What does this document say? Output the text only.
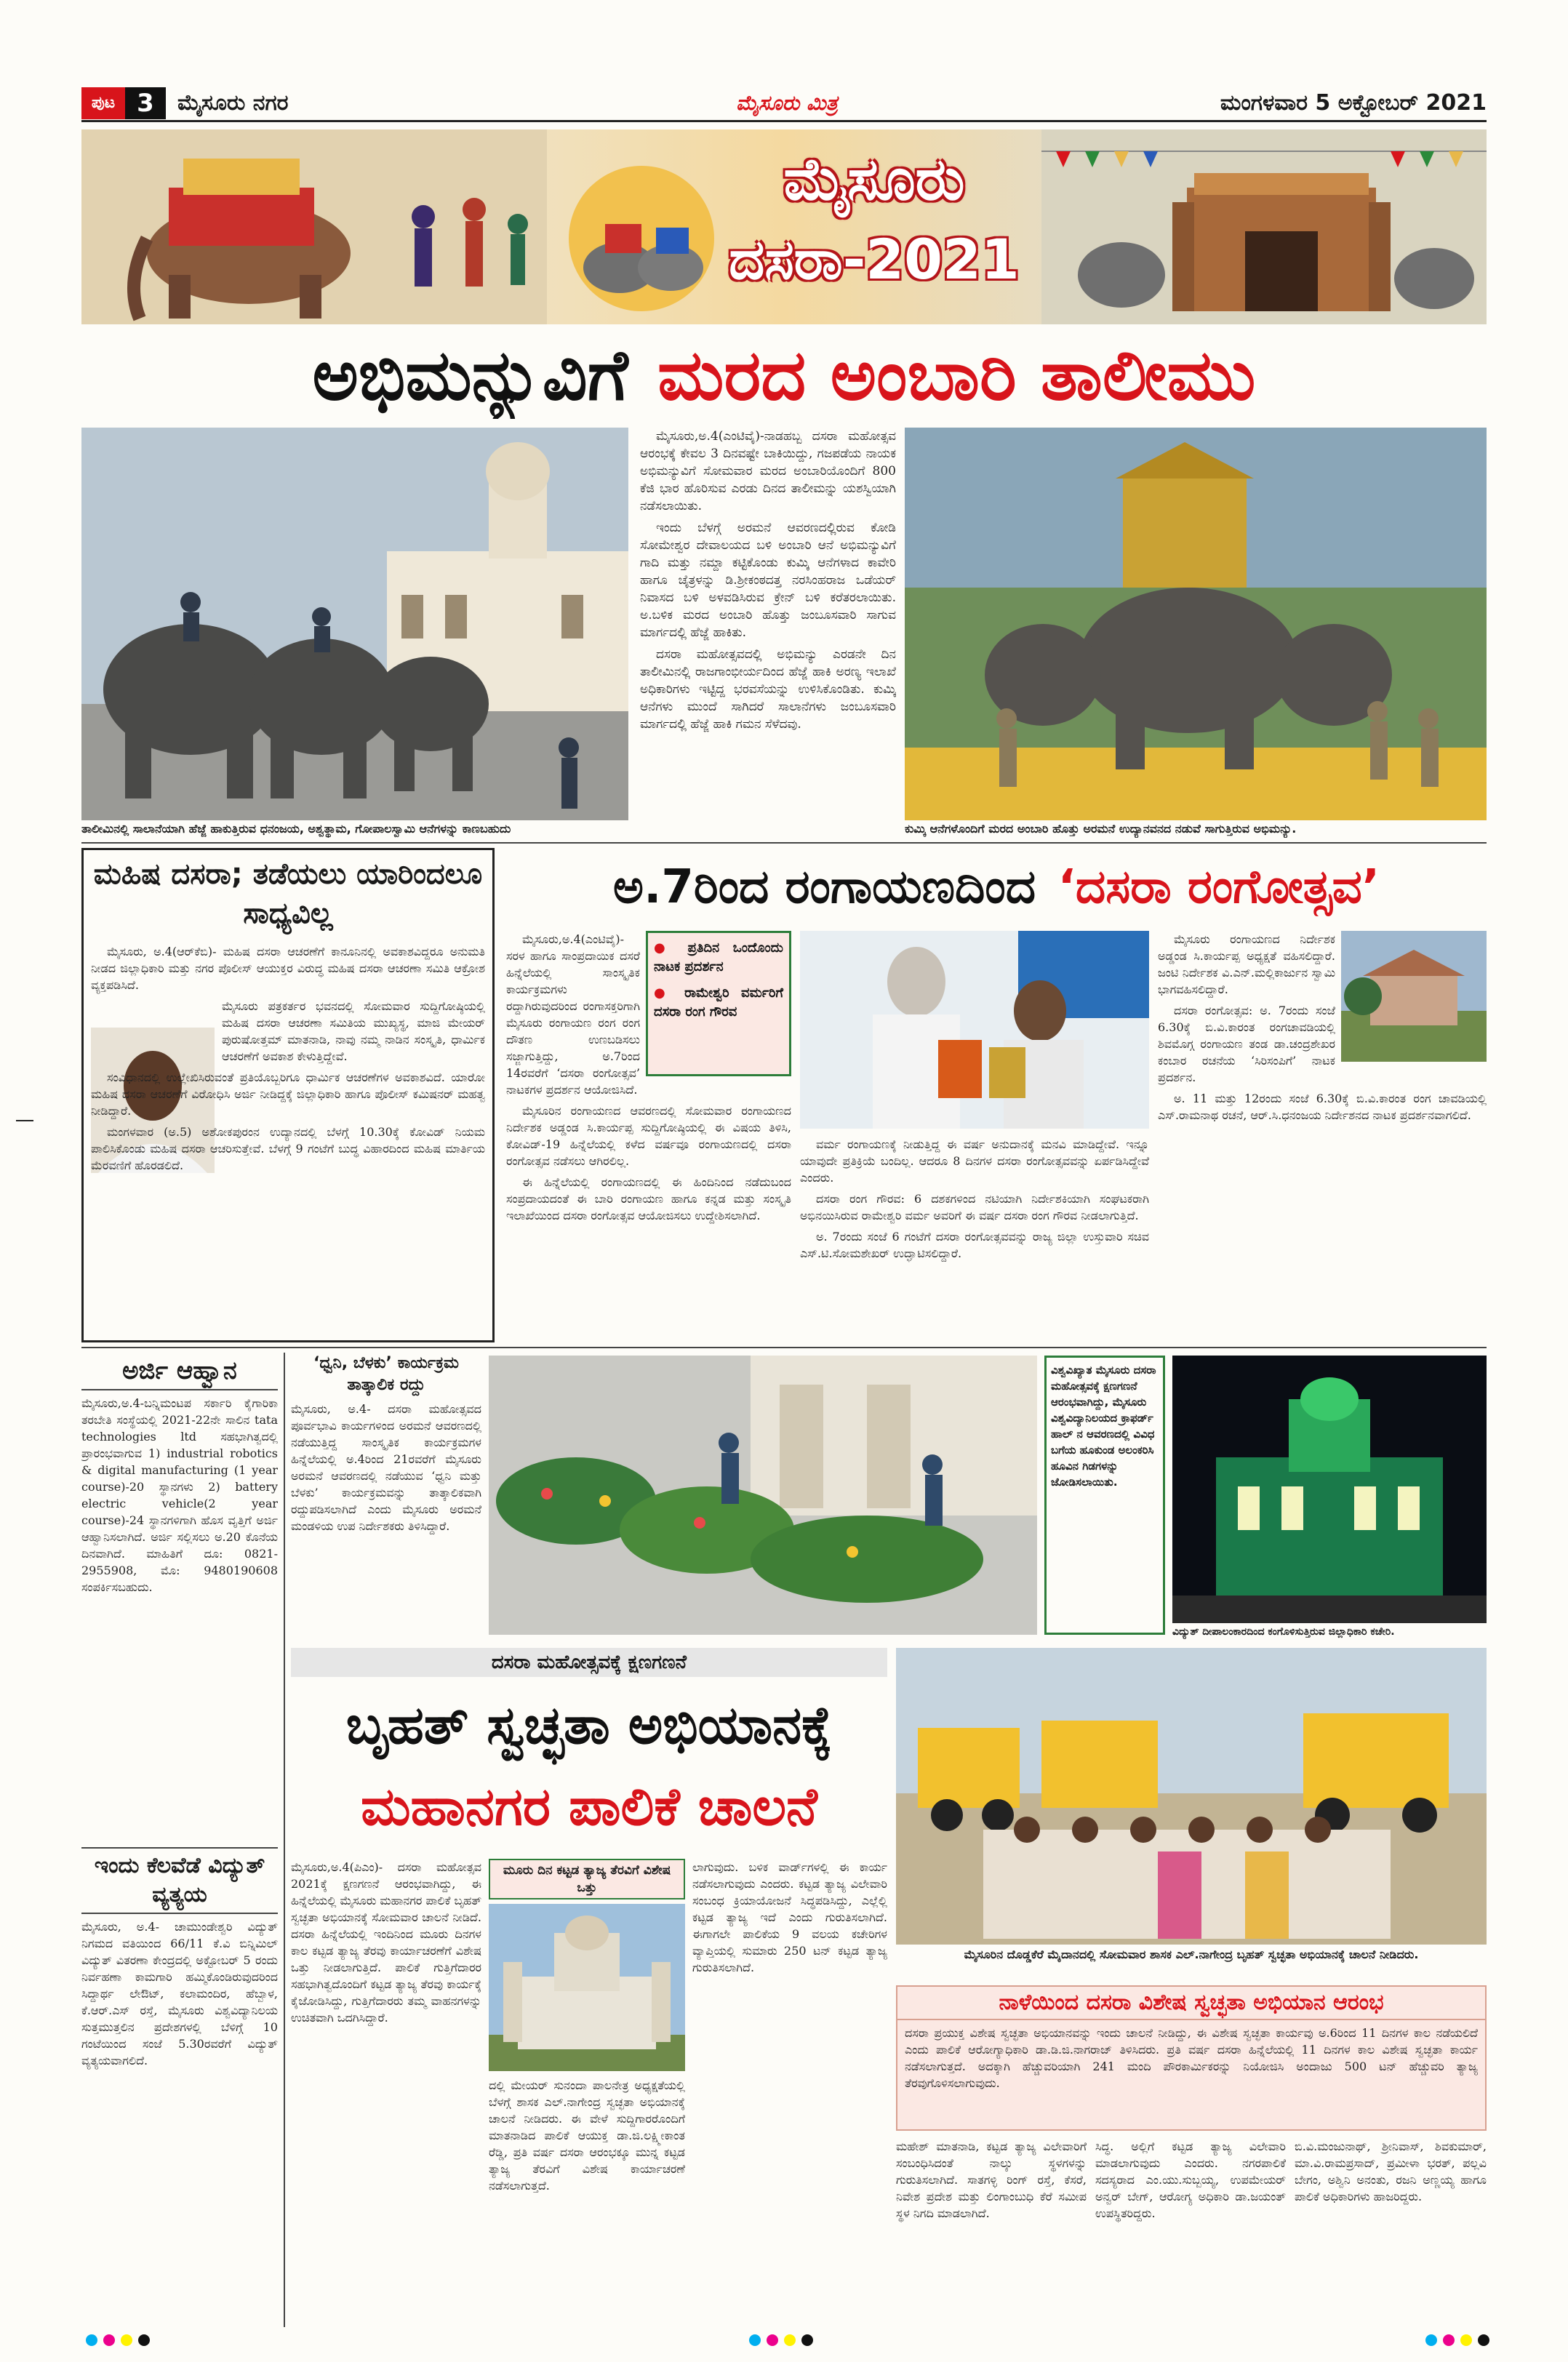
ಪುಟ 3	ಮೈಸೂರು ನಗರ	ಮೈಸೂರು ಮಿತ್ರ	ಮಂಗಳವಾರ 5 ಅಕ್ಟೋಬರ್ 2021
ಮೈಸೂರು
ದಸರಾ-2021
ಅಭಿಮನ್ಯುವಿಗೆ ಮರದ ಅಂಬಾರಿ ತಾಲೀಮು
ತಾಲೀಮಿನಲ್ಲಿ ಸಾಲಾನೆಯಾಗಿ ಹೆಜ್ಜೆ ಹಾಕುತ್ತಿರುವ ಧನಂಜಯ, ಅಶ್ವತ್ಥಾಮ, ಗೋಪಾಲಸ್ವಾಮಿ ಆನೆಗಳನ್ನು ಕಾಣಬಹುದು

ಮೈಸೂರು,ಅ.4(ಎಂಟಿವೈ)-ನಾಡಹಬ್ಬ ದಸರಾ ಮಹೋತ್ಸವ ಆರಂಭಕ್ಕೆ ಕೇವಲ 3 ದಿನವಷ್ಟೇ ಬಾಕಿಯಿದ್ದು, ಗಜಪಡೆಯ ನಾಯಕ ಅಭಿಮನ್ಯುವಿಗೆ ಸೋಮವಾರ ಮರದ ಅಂಬಾರಿಯೊಂದಿಗೆ 800 ಕೆಜಿ ಭಾರ ಹೊರಿಸುವ ಎರಡು ದಿನದ ತಾಲೀಮನ್ನು ಯಶಸ್ವಿಯಾಗಿ ನಡೆಸಲಾಯಿತು.

ಇಂದು ಬೆಳಗ್ಗೆ ಅರಮನೆ ಆವರಣದಲ್ಲಿರುವ ಕೋಡಿ ಸೋಮೇಶ್ವರ ದೇವಾಲಯದ ಬಳಿ ಅಂಬಾರಿ ಆನೆ ಅಭಿಮನ್ಯುವಿಗೆ ಗಾದಿ ಮತ್ತು ನಮ್ದಾ ಕಟ್ಟಿಕೊಂಡು ಕುಮ್ಕಿ ಆನೆಗಳಾದ ಕಾವೇರಿ ಹಾಗೂ ಚೈತ್ರಳನ್ನು ಡಿ.ಶ್ರೀಕಂಠದತ್ತ ನರಸಿಂಹರಾಜ ಒಡೆಯರ್ ನಿವಾಸದ ಬಳಿ ಅಳವಡಿಸಿರುವ ಕ್ರೇನ್ ಬಳಿ ಕರೆತರಲಾಯಿತು. ಅ.ಬಳಿಕ ಮರದ ಅಂಬಾರಿ ಹೊತ್ತು ಜಂಬೂಸವಾರಿ ಸಾಗುವ ಮಾರ್ಗದಲ್ಲಿ ಹೆಜ್ಜೆ ಹಾಕಿತು.

ದಸರಾ ಮಹೋತ್ಸವದಲ್ಲಿ ಅಭಿಮನ್ಯು ಎರಡನೇ ದಿನ ತಾಲೀಮಿನಲ್ಲಿ ರಾಜಗಾಂಭೀರ್ಯದಿಂದ ಹೆಜ್ಜೆ ಹಾಕಿ ಅರಣ್ಯ ಇಲಾಖೆ ಅಧಿಕಾರಿಗಳು ಇಟ್ಟಿದ್ದ ಭರವಸೆಯನ್ನು ಉಳಿಸಿಕೊಂಡಿತು. ಕುಮ್ಕಿ ಆನೆಗಳು ಮುಂದೆ ಸಾಗಿದರೆ ಸಾಲಾನೆಗಳು ಜಂಬೂಸವಾರಿ ಮಾರ್ಗದಲ್ಲಿ ಹೆಜ್ಜೆ ಹಾಕಿ ಗಮನ ಸೆಳೆದವು.

ಕುಮ್ಕಿ ಆನೆಗಳೊಂದಿಗೆ ಮರದ ಅಂಬಾರಿ ಹೊತ್ತು ಅರಮನೆ ಉದ್ಯಾನವನದ ನಡುವೆ ಸಾಗುತ್ತಿರುವ ಅಭಿಮನ್ಯು.
ಮಹಿಷ ದಸರಾ; ತಡೆಯಲು ಯಾರಿಂದಲೂ ಸಾಧ್ಯವಿಲ್ಲ

ಮೈಸೂರು, ಅ.4(ಆರ್‌ಕೆಬಿ)- ಮಹಿಷ ದಸರಾ ಆಚರಣೆಗೆ ಕಾನೂನಿನಲ್ಲಿ ಅವಕಾಶವಿದ್ದರೂ ಅನುಮತಿ ನೀಡದ ಜಿಲ್ಲಾಧಿಕಾರಿ ಮತ್ತು ನಗರ ಪೊಲೀಸ್ ಆಯುಕ್ತರ ವಿರುದ್ಧ ಮಹಿಷ ದಸರಾ ಆಚರಣಾ ಸಮಿತಿ ಆಕ್ರೋಶ ವ್ಯಕ್ತಪಡಿಸಿದೆ.

ಮೈಸೂರು ಪತ್ರಕರ್ತರ ಭವನದಲ್ಲಿ ಸೋಮವಾರ ಸುದ್ದಿಗೋಷ್ಠಿಯಲ್ಲಿ ಮಹಿಷ ದಸರಾ ಆಚರಣಾ ಸಮಿತಿಯ ಮುಖ್ಯಸ್ಥ, ಮಾಜಿ ಮೇಯರ್ ಪುರುಷೋತ್ತಮ್ ಮಾತನಾಡಿ, ನಾವು ನಮ್ಮ ನಾಡಿನ ಸಂಸ್ಕೃತಿ, ಧಾರ್ಮಿಕ ಆಚರಣೆಗೆ ಅವಕಾಶ ಕೇಳುತ್ತಿದ್ದೇವೆ.

ಸಂವಿಧಾನದಲ್ಲಿ ಉಲ್ಲೇಖಿಸಿರುವಂತೆ ಪ್ರತಿಯೊಬ್ಬರಿಗೂ ಧಾರ್ಮಿಕ ಆಚರಣೆಗಳ ಅವಕಾಶವಿದೆ. ಯಾರೋ ಮಹಿಷ ದಸರಾ ಆಚರಣೆಗೆ ವಿರೋಧಿಸಿ ಅರ್ಜಿ ನೀಡಿದ್ದಕ್ಕೆ ಜಿಲ್ಲಾಧಿಕಾರಿ ಹಾಗೂ ಪೊಲೀಸ್ ಕಮಿಷನರ್ ಮಹತ್ವ ನೀಡಿದ್ದಾರೆ.

ಮಂಗಳವಾರ (ಅ.5) ಅಶೋಕಪುರಂನ ಉದ್ಯಾನದಲ್ಲಿ ಬೆಳಗ್ಗೆ 10.30ಕ್ಕೆ ಕೋವಿಡ್ ನಿಯಮ ಪಾಲಿಸಿಕೊಂಡು ಮಹಿಷ ದಸರಾ ಆಚರಿಸುತ್ತೇವೆ. ಬೆಳಗ್ಗೆ 9 ಗಂಟೆಗೆ ಬುದ್ಧ ವಿಹಾರದಿಂದ ಮಹಿಷ ಮಾರ್ತಿಯ ಮೆರವಣಿಗೆ ಹೊರಡಲಿದೆ.

ಅ.7ರಿಂದ ರಂಗಾಯಣದಿಂದ ‘ದಸರಾ ರಂಗೋತ್ಸವ’
● ಪ್ರತಿದಿನ ಒಂದೊಂದು ನಾಟಕ ಪ್ರದರ್ಶನ
● ರಾಮೇಶ್ವರಿ ವರ್ಮರಿಗೆ ದಸರಾ ರಂಗ ಗೌರವ

ಮೈಸೂರು,ಅ.4(ಎಂಟಿವೈ)- ಸರಳ ಹಾಗೂ ಸಾಂಪ್ರದಾಯಿಕ ದಸರೆ ಹಿನ್ನೆಲೆಯಲ್ಲಿ ಸಾಂಸ್ಕೃತಿಕ ಕಾರ್ಯಕ್ರಮಗಳು ರದ್ದಾಗಿರುವುದರಿಂದ ರಂಗಾಸಕ್ತರಿಗಾಗಿ ಮೈಸೂರು ರಂಗಾಯಣ ರಂಗ ರಂಗ ದೌತಣ ಉಣಬಡಿಸಲು ಸಜ್ಜಾಗುತ್ತಿದ್ದು, ಅ.7ರಿಂದ 14ರವರೆಗೆ ‘ದಸರಾ ರಂಗೋತ್ಸವ’ ನಾಟಕಗಳ ಪ್ರದರ್ಶನ ಆಯೋಜಿಸಿದೆ.

ಮೈಸೂರಿನ ರಂಗಾಯಣದ ಆವರಣದಲ್ಲಿ ಸೋಮವಾರ ರಂಗಾಯಣದ ನಿರ್ದೇಶಕ ಅಡ್ಡಂಡ ಸಿ.ಕಾರ್ಯಪ್ಪ ಸುದ್ದಿಗೋಷ್ಠಿಯಲ್ಲಿ ಈ ವಿಷಯ ತಿಳಿಸಿ, ಕೋವಿಡ್-19 ಹಿನ್ನೆಲೆಯಲ್ಲಿ ಕಳೆದ ವರ್ಷವೂ ರಂಗಾಯಣದಲ್ಲಿ ದಸರಾ ರಂಗೋತ್ಸವ ನಡೆಸಲು ಆಗಿರಲಿಲ್ಲ.

ಈ ಹಿನ್ನೆಲೆಯಲ್ಲಿ ರಂಗಾಯಣದಲ್ಲಿ ಈ ಹಿಂದಿನಿಂದ ನಡೆದುಬಂದ ಸಂಪ್ರದಾಯದಂತೆ ಈ ಬಾರಿ ರಂಗಾಯಣ ಹಾಗೂ ಕನ್ನಡ ಮತ್ತು ಸಂಸ್ಕೃತಿ ಇಲಾಖೆಯಿಂದ ದಸರಾ ರಂಗೋತ್ಸವ ಆಯೋಜಿಸಲು ಉದ್ದೇಶಿಸಲಾಗಿದೆ.

ವರ್ಮ ರಂಗಾಯಣಕ್ಕೆ ನೀಡುತ್ತಿದ್ದ ಈ ವರ್ಷ ಅನುದಾನಕ್ಕೆ ಮನವಿ ಮಾಡಿದ್ದೇವೆ. ಇನ್ನೂ ಯಾವುದೇ ಪ್ರತಿಕ್ರಿಯೆ ಬಂದಿಲ್ಲ. ಆದರೂ 8 ದಿನಗಳ ದಸರಾ ರಂಗೋತ್ಸವವನ್ನು ಏರ್ಪಡಿಸಿದ್ದೇವೆ ಎಂದರು.

ದಸರಾ ರಂಗ ಗೌರವ: 6 ದಶಕಗಳಿಂದ ನಟಿಯಾಗಿ ನಿರ್ದೇಶಕಿಯಾಗಿ ಸಂಘಟಕರಾಗಿ ಅಭಿನಯಿಸಿರುವ ರಾಮೇಶ್ವರಿ ವರ್ಮ ಅವರಿಗೆ ಈ ವರ್ಷ ದಸರಾ ರಂಗ ಗೌರವ ನೀಡಲಾಗುತ್ತಿದೆ.

ಅ. 7ರಂದು ಸಂಜೆ 6 ಗಂಟೆಗೆ ದಸರಾ ರಂಗೋತ್ಸವವನ್ನು ರಾಜ್ಯ ಜಿಲ್ಲಾ ಉಸ್ತುವಾರಿ ಸಚಿವ ಎಸ್.ಟಿ.ಸೋಮಶೇಖರ್ ಉದ್ಘಾಟಿಸಲಿದ್ದಾರೆ.

ಮೈಸೂರು ರಂಗಾಯಣದ ನಿರ್ದೇಶಕ ಅಡ್ಡಂಡ ಸಿ.ಕಾರ್ಯಪ್ಪ ಅಧ್ಯಕ್ಷತೆ ವಹಿಸಲಿದ್ದಾರೆ. ಜಂಟಿ ನಿರ್ದೇಶಕ ವಿ.ಎನ್.ಮಲ್ಲಿಕಾರ್ಜುನ ಸ್ವಾಮಿ ಭಾಗವಹಿಸಲಿದ್ದಾರೆ.

ದಸರಾ ರಂಗೋತ್ಸವ: ಅ. 7ರಂದು ಸಂಜೆ 6.30ಕ್ಕೆ ಬಿ.ವಿ.ಕಾರಂತ ರಂಗಚಾವಡಿಯಲ್ಲಿ ಶಿವಮೊಗ್ಗ ರಂಗಾಯಣ ತಂಡ ಡಾ.ಚಂದ್ರಶೇಖರ ಕಂಬಾರ ರಚನೆಯ ‘ಸಿರಿಸಂಪಿಗೆ’ ನಾಟಕ ಪ್ರದರ್ಶನ.

ಅ. 11 ಮತ್ತು 12ರಂದು ಸಂಜೆ 6.30ಕ್ಕೆ ಬಿ.ವಿ.ಕಾರಂತ ರಂಗ ಚಾವಡಿಯಲ್ಲಿ ಎಸ್.ರಾಮನಾಥ ರಚನೆ, ಆರ್.ಸಿ.ಧನಂಜಯ ನಿರ್ದೇಶನದ ನಾಟಕ ಪ್ರದರ್ಶನವಾಗಲಿದೆ.

ಅರ್ಜಿ ಆಹ್ವಾನ
ಮೈಸೂರು,ಅ.4-ಬನ್ನಿಮಂಟಪ ಸರ್ಕಾರಿ ಕೈಗಾರಿಕಾ ತರಬೇತಿ ಸಂಸ್ಥೆಯಲ್ಲಿ 2021-22ನೇ ಸಾಲಿನ tata technologies ltd ಸಹಭಾಗಿತ್ವದಲ್ಲಿ ಪ್ರಾರಂಭವಾಗುವ 1) industrial robotics & digital manufacturing (1 year course)-20 ಸ್ಥಾನಗಳು 2) battery electric vehicle(2 year course)-24 ಸ್ಥಾನಗಳಿಗಾಗಿ ಹೊಸ ವೃತ್ತಿಗೆ ಅರ್ಜಿ ಆಹ್ವಾನಿಸಲಾಗಿದೆ. ಅರ್ಜಿ ಸಲ್ಲಿಸಲು ಅ.20 ಕೊನೆಯ ದಿನವಾಗಿದೆ. ಮಾಹಿತಿಗೆ ದೂ: 0821-2955908, ಮೊ: 9480190608 ಸಂಪರ್ಕಿಸಬಹುದು.
ಇಂದು ಕೆಲವೆಡೆ ವಿದ್ಯುತ್ ವ್ಯತ್ಯಯ
ಮೈಸೂರು, ಅ.4- ಚಾಮುಂಡೇಶ್ವರಿ ವಿದ್ಯುತ್ ನಿಗಮದ ವತಿಯಿಂದ 66/11 ಕೆ.ವಿ ಬಿನ್ನಿಮಿಲ್ ವಿದ್ಯುತ್ ವಿತರಣಾ ಕೇಂದ್ರದಲ್ಲಿ ಅಕ್ಟೋಬರ್ 5 ರಂದು ನಿರ್ವಹಣಾ ಕಾಮಗಾರಿ ಹಮ್ಮಿಕೊಂಡಿರುವುದರಿಂದ ಸಿದ್ದಾರ್ಥ ಲೇಔಟ್, ಕಲಾಮಂದಿರ, ಹೆಬ್ಬಾಳ, ಕೆ.ಆರ್.ಎಸ್ ರಸ್ತೆ, ಮೈಸೂರು ವಿಶ್ವವಿದ್ಯಾನಿಲಯ ಸುತ್ತಮುತ್ತಲಿನ ಪ್ರದೇಶಗಳಲ್ಲಿ ಬೆಳಿಗ್ಗೆ 10 ಗಂಟೆಯಿಂದ ಸಂಜೆ 5.30ರವರೆಗೆ ವಿದ್ಯುತ್ ವ್ಯತ್ಯಯವಾಗಲಿದೆ.
‘ಧ್ವನಿ, ಬೆಳಕು’ ಕಾರ್ಯಕ್ರಮ ತಾತ್ಕಾಲಿಕ ರದ್ದು
ಮೈಸೂರು, ಅ.4- ದಸರಾ ಮಹೋತ್ಸವದ ಪೂರ್ವಭಾವಿ ಕಾರ್ಯಗಳಿಂದ ಅರಮನೆ ಆವರಣದಲ್ಲಿ ನಡೆಯುತ್ತಿದ್ದ ಸಾಂಸ್ಕೃತಿಕ ಕಾರ್ಯಕ್ರಮಗಳ ಹಿನ್ನೆಲೆಯಲ್ಲಿ ಅ.4ರಿಂದ 21ರವರೆಗೆ ಮೈಸೂರು ಅರಮನೆ ಆವರಣದಲ್ಲಿ ನಡೆಯುವ ‘ಧ್ವನಿ ಮತ್ತು ಬೆಳಕು’ ಕಾರ್ಯಕ್ರಮವನ್ನು ತಾತ್ಕಾಲಿಕವಾಗಿ ರದ್ದುಪಡಿಸಲಾಗಿದೆ ಎಂದು ಮೈಸೂರು ಅರಮನೆ ಮಂಡಳಿಯ ಉಪ ನಿರ್ದೇಶಕರು ತಿಳಿಸಿದ್ದಾರೆ.
ವಿಶ್ವವಿಖ್ಯಾತ ಮೈಸೂರು ದಸರಾ ಮಹೋತ್ಸವಕ್ಕೆ ಕ್ಷಣಗಣನೆ ಆರಂಭವಾಗಿದ್ದು, ಮೈಸೂರು ವಿಶ್ವವಿದ್ಯಾನಿಲಯದ ಕ್ರಾಫರ್ಡ್ ಹಾಲ್ ನ ಆವರಣದಲ್ಲಿ ವಿವಿಧ ಬಗೆಯ ಹೂಕುಂಡ ಅಲಂಕರಿಸಿ ಹೂವಿನ ಗಿಡಗಳನ್ನು ಜೋಡಿಸಲಾಯಿತು.
ವಿದ್ಯುತ್ ದೀಪಾಲಂಕಾರದಿಂದ ಕಂಗೊಳಿಸುತ್ತಿರುವ ಜಿಲ್ಲಾಧಿಕಾರಿ ಕಚೇರಿ.
ದಸರಾ ಮಹೋತ್ಸವಕ್ಕೆ ಕ್ಷಣಗಣನೆ
ಬೃಹತ್ ಸ್ವಚ್ಛತಾ ಅಭಿಯಾನಕ್ಕೆ
ಮಹಾನಗರ ಪಾಲಿಕೆ ಚಾಲನೆ
ಮೈಸೂರು,ಅ.4(ಪಿಎಂ)- ದಸರಾ ಮಹೋತ್ಸವ 2021ಕ್ಕೆ ಕ್ಷಣಗಣನೆ ಆರಂಭವಾಗಿದ್ದು, ಈ ಹಿನ್ನೆಲೆಯಲ್ಲಿ ಮೈಸೂರು ಮಹಾನಗರ ಪಾಲಿಕೆ ಬೃಹತ್ ಸ್ವಚ್ಛತಾ ಅಭಿಯಾನಕ್ಕೆ ಸೋಮವಾರ ಚಾಲನೆ ನೀಡಿದೆ. ದಸರಾ ಹಿನ್ನೆಲೆಯಲ್ಲಿ ಇಂದಿನಿಂದ ಮೂರು ದಿನಗಳ ಕಾಲ ಕಟ್ಟಡ ತ್ಯಾಜ್ಯ ತೆರವು ಕಾರ್ಯಾಚರಣೆಗೆ ವಿಶೇಷ ಒತ್ತು ನೀಡಲಾಗುತ್ತಿದೆ. ಪಾಲಿಕೆ ಗುತ್ತಿಗೆದಾರರ ಸಹಭಾಗಿತ್ವದೊಂದಿಗೆ ಕಟ್ಟಡ ತ್ಯಾಜ್ಯ ತೆರವು ಕಾರ್ಯಕ್ಕೆ ಕೈಜೋಡಿಸಿದ್ದು, ಗುತ್ತಿಗೆದಾರರು ತಮ್ಮ ವಾಹನಗಳನ್ನು ಉಚಿತವಾಗಿ ಒದಗಿಸಿದ್ದಾರೆ.
ಮೂರು ದಿನ ಕಟ್ಟಡ ತ್ಯಾಜ್ಯ ತೆರವಿಗೆ ವಿಶೇಷ ಒತ್ತು
ದಲ್ಲಿ ಮೇಯರ್ ಸುನಂದಾ ಪಾಲನೇತ್ರ ಅಧ್ಯಕ್ಷತೆಯಲ್ಲಿ ಬೆಳಗ್ಗೆ ಶಾಸಕ ಎಲ್.ನಾಗೇಂದ್ರ ಸ್ವಚ್ಛತಾ ಅಭಿಯಾನಕ್ಕೆ ಚಾಲನೆ ನೀಡಿದರು. ಈ ವೇಳೆ ಸುದ್ದಿಗಾರರೊಂದಿಗೆ ಮಾತನಾಡಿದ ಪಾಲಿಕೆ ಆಯುಕ್ತ ಡಾ.ಜಿ.ಲಕ್ಷ್ಮೀಕಾಂತ ರೆಡ್ಡಿ, ಪ್ರತಿ ವರ್ಷ ದಸರಾ ಆರಂಭಕ್ಕೂ ಮುನ್ನ ಕಟ್ಟಡ ತ್ಯಾಜ್ಯ ತೆರವಿಗೆ ವಿಶೇಷ ಕಾರ್ಯಾಚರಣೆ ನಡೆಸಲಾಗುತ್ತದೆ.
ಲಾಗುವುದು. ಬಳಿಕ ವಾರ್ಡ್‌ಗಳಲ್ಲಿ ಈ ಕಾರ್ಯ ನಡೆಸಲಾಗುವುದು ಎಂದರು. ಕಟ್ಟಡ ತ್ಯಾಜ್ಯ ವಿಲೇವಾರಿ ಸಂಬಂಧ ಕ್ರಿಯಾಯೋಜನೆ ಸಿದ್ಧಪಡಿಸಿದ್ದು, ಎಲ್ಲೆಲ್ಲಿ ಕಟ್ಟಡ ತ್ಯಾಜ್ಯ ಇದೆ ಎಂದು ಗುರುತಿಸಲಾಗಿದೆ. ಈಗಾಗಲೇ ಪಾಲಿಕೆಯ 9 ವಲಯ ಕಚೇರಿಗಳ ವ್ಯಾಪ್ತಿಯಲ್ಲಿ ಸುಮಾರು 250 ಟನ್ ಕಟ್ಟಡ ತ್ಯಾಜ್ಯ ಗುರುತಿಸಲಾಗಿದೆ.
ಮೈಸೂರಿನ ದೊಡ್ಡಕೆರೆ ಮೈದಾನದಲ್ಲಿ ಸೋಮವಾರ ಶಾಸಕ ಎಲ್.ನಾಗೇಂದ್ರ ಬೃಹತ್ ಸ್ವಚ್ಛತಾ ಅಭಿಯಾನಕ್ಕೆ ಚಾಲನೆ ನೀಡಿದರು.
ನಾಳೆಯಿಂದ ದಸರಾ ವಿಶೇಷ ಸ್ವಚ್ಛತಾ ಅಭಿಯಾನ ಆರಂಭ
ದಸರಾ ಪ್ರಯುಕ್ತ ವಿಶೇಷ ಸ್ವಚ್ಛತಾ ಅಭಿಯಾನವನ್ನು ಇಂದು ಚಾಲನೆ ನೀಡಿದ್ದು, ಈ ವಿಶೇಷ ಸ್ವಚ್ಛತಾ ಕಾರ್ಯವು ಅ.6ರಿಂದ 11 ದಿನಗಳ ಕಾಲ ನಡೆಯಲಿದೆ ಎಂದು ಪಾಲಿಕೆ ಆರೋಗ್ಯಾಧಿಕಾರಿ ಡಾ.ಡಿ.ಜಿ.ನಾಗರಾಜ್ ತಿಳಿಸಿದರು. ಪ್ರತಿ ವರ್ಷ ದಸರಾ ಹಿನ್ನೆಲೆಯಲ್ಲಿ 11 ದಿನಗಳ ಕಾಲ ವಿಶೇಷ ಸ್ವಚ್ಛತಾ ಕಾರ್ಯ ನಡೆಸಲಾಗುತ್ತದೆ. ಅದಕ್ಕಾಗಿ ಹೆಚ್ಚುವರಿಯಾಗಿ 241 ಮಂದಿ ಪೌರಕಾರ್ಮಿಕರನ್ನು ನಿಯೋಜಿಸಿ ಅಂದಾಜು 500 ಟನ್ ಹೆಚ್ಚುವರಿ ತ್ಯಾಜ್ಯ ತೆರವುಗೊಳಿಸಲಾಗುವುದು.
ಮಹೇಶ್ ಮಾತನಾಡಿ, ಕಟ್ಟಡ ತ್ಯಾಜ್ಯ ವಿಲೇವಾರಿಗೆ ಸಂಬಂಧಿಸಿದಂತೆ ನಾಲ್ಕು ಸ್ಥಳಗಳನ್ನು ಗುರುತಿಸಲಾಗಿದೆ. ಸಾತಗಳ್ಳಿ ರಿಂಗ್ ರಸ್ತೆ, ಕೆಸರೆ, ನಿವೇಶ ಪ್ರದೇಶ ಮತ್ತು ಲಿಂಗಾಂಬುಧಿ ಕೆರೆ ಸಮೀಪ ಸ್ಥಳ ನಿಗದಿ ಮಾಡಲಾಗಿದೆ.
ಸಿದ್ಧ. ಅಲ್ಲಿಗೆ ಕಟ್ಟಡ ತ್ಯಾಜ್ಯ ವಿಲೇವಾರಿ ಮಾಡಲಾಗುವುದು ಎಂದರು. ನಗರಪಾಲಿಕೆ ಸದಸ್ಯರಾದ ಎಂ.ಯು.ಸುಬ್ಬಯ್ಯ, ಉಪಮೇಯರ್ ಅನ್ವರ್ ಬೇಗ್, ಆರೋಗ್ಯ ಅಧಿಕಾರಿ ಡಾ.ಜಯಂತ್ ಉಪಸ್ಥಿತರಿದ್ದರು.
ಬಿ.ವಿ.ಮಂಜುನಾಥ್, ಶ್ರೀನಿವಾಸ್, ಶಿವಕುಮಾರ್, ಮಾ.ವಿ.ರಾಮಪ್ರಸಾದ್, ಪ್ರಮೀಳಾ ಭರತ್, ಪಲ್ಲವಿ ಬೇಗಂ, ಅಶ್ವಿನಿ ಅನಂತು, ರಜನಿ ಅಣ್ಣಯ್ಯ ಹಾಗೂ ಪಾಲಿಕೆ ಅಧಿಕಾರಿಗಳು ಹಾಜರಿದ್ದರು.
